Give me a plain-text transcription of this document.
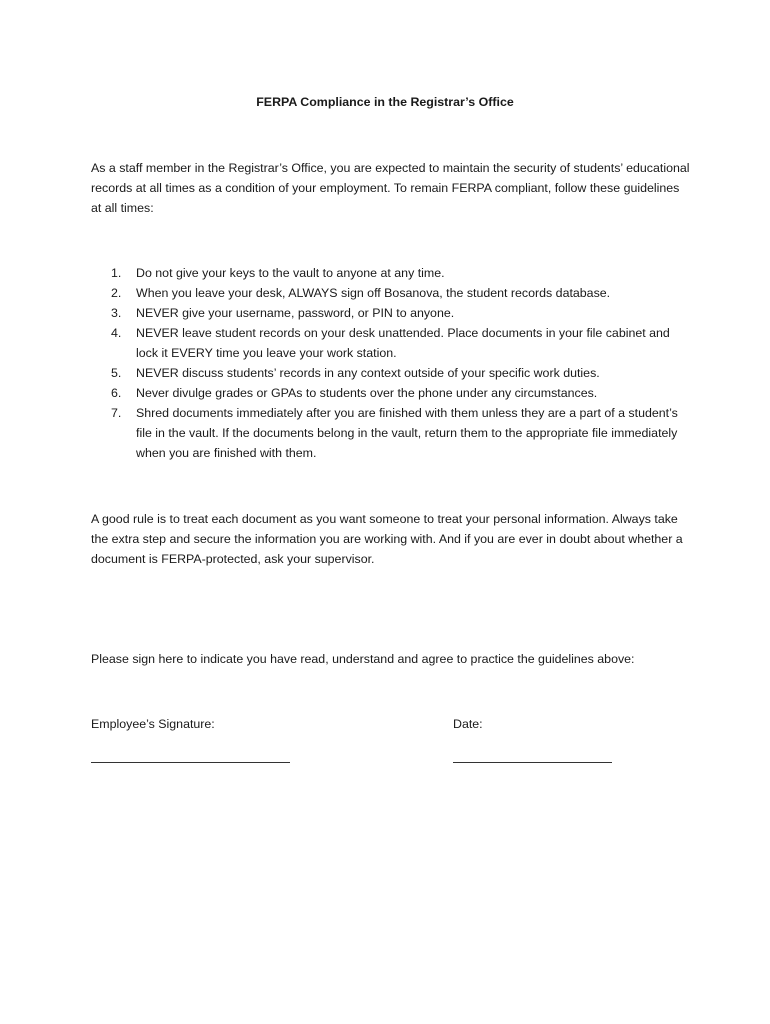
FERPA Compliance in the Registrar’s Office

As a staff member in the Registrar’s Office, you are expected to maintain the security of students’ educational records at all times as a condition of your employment. To remain FERPA compliant, follow these guidelines at all times:

1. Do not give your keys to the vault to anyone at any time.
2. When you leave your desk, ALWAYS sign off Bosanova, the student records database.
3. NEVER give your username, password, or PIN to anyone.
4. NEVER leave student records on your desk unattended. Place documents in your file cabinet and lock it EVERY time you leave your work station.
5. NEVER discuss students’ records in any context outside of your specific work duties.
6. Never divulge grades or GPAs to students over the phone under any circumstances.
7. Shred documents immediately after you are finished with them unless they are a part of a student’s file in the vault. If the documents belong in the vault, return them to the appropriate file immediately when you are finished with them.

A good rule is to treat each document as you want someone to treat your personal information. Always take the extra step and secure the information you are working with. And if you are ever in doubt about whether a document is FERPA-protected, ask your supervisor.

Please sign here to indicate you have read, understand and agree to practice the guidelines above:

Employee’s Signature:	Date:
